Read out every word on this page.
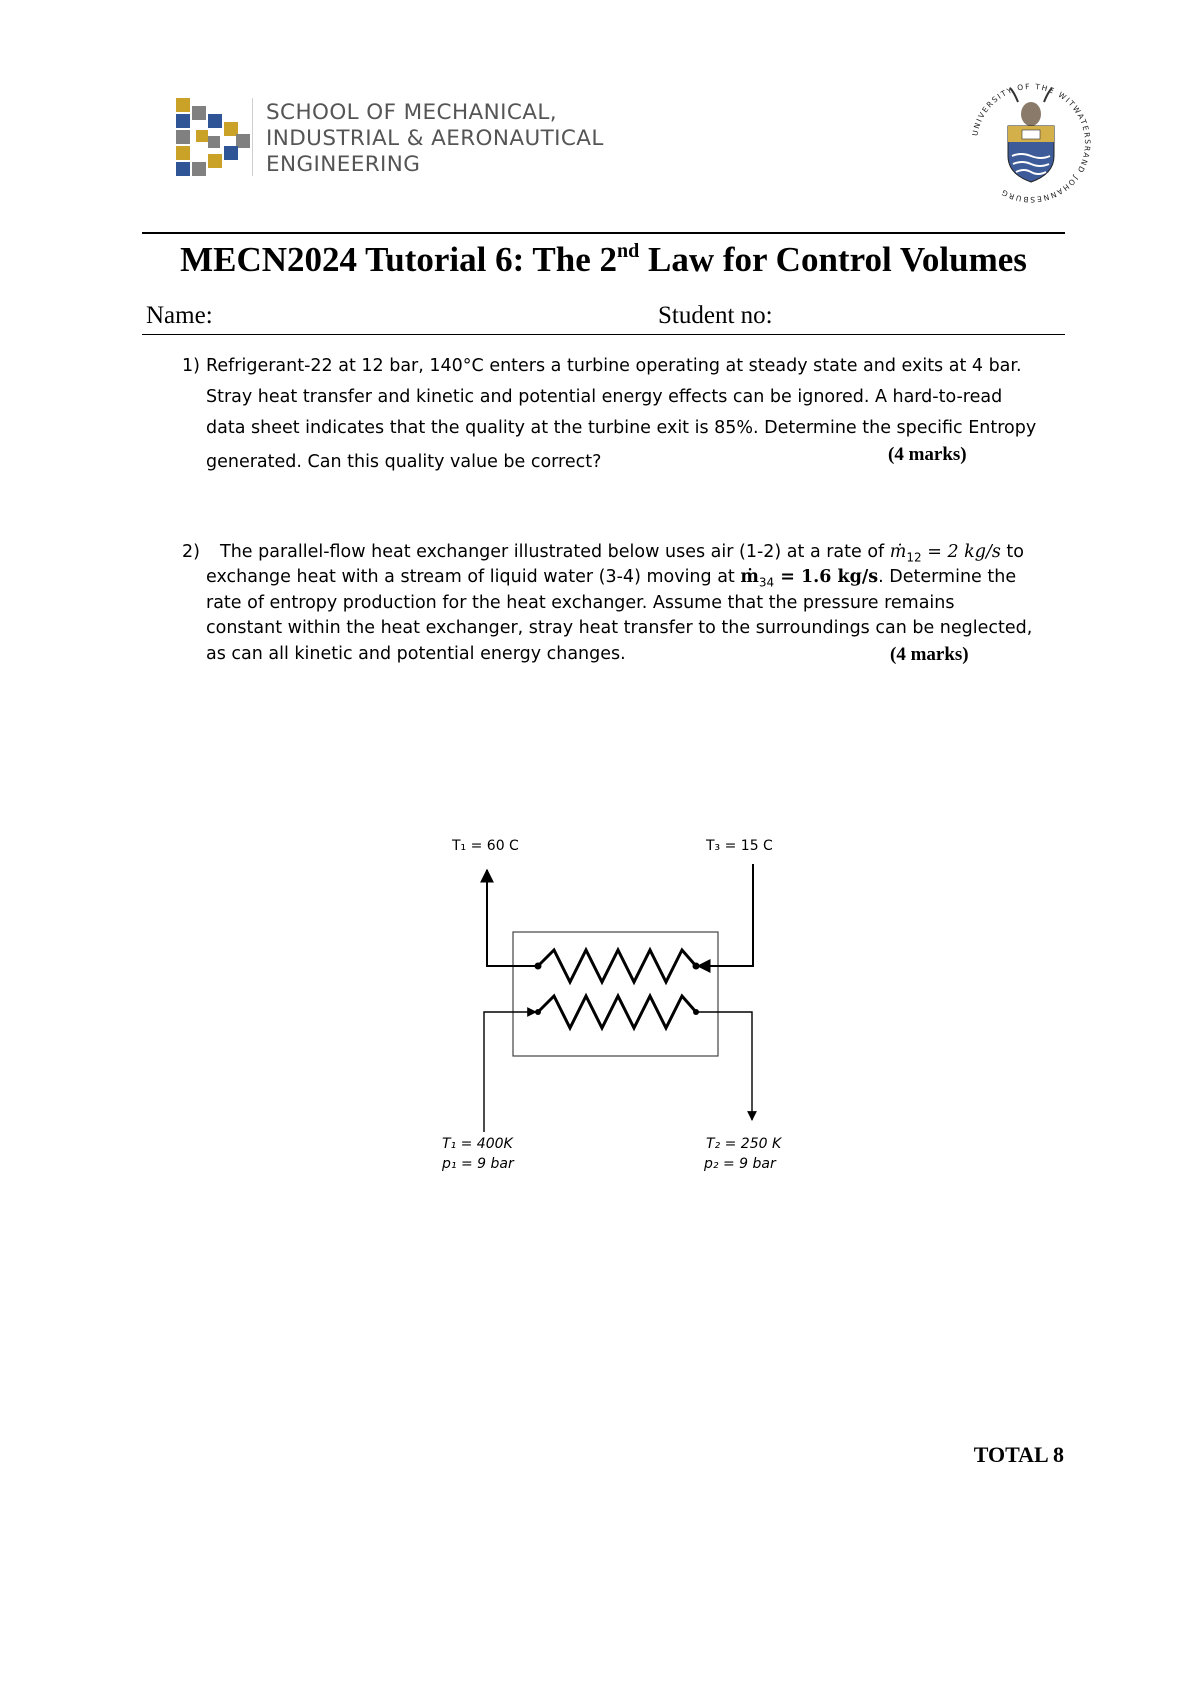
SCHOOL OF MECHANICAL,
INDUSTRIAL & AERONAUTICAL
ENGINEERING
UNIVERSITY OF THE WITWATERSRAND JOHANNESBURG
MECN2024 Tutorial 6: The 2nd Law for Control Volumes
Name:	Student no:
1) Refrigerant-22 at 12 bar, 140°C enters a turbine operating at steady state and exits at 4 bar.
Stray heat transfer and kinetic and potential energy effects can be ignored. A hard-to-read
data sheet indicates that the quality at the turbine exit is 85%. Determine the specific Entropy
generated. Can this quality value be correct?	(4 marks)
2) The parallel-flow heat exchanger illustrated below uses air (1-2) at a rate of ṁ$_{12}$ = 2 kg/s to
exchange heat with a stream of liquid water (3-4) moving at ṁ$_{34}$ = 1.6 kg/s. Determine the
rate of entropy production for the heat exchanger. Assume that the pressure remains
constant within the heat exchanger, stray heat transfer to the surroundings can be neglected,
as can all kinetic and potential energy changes.	(4 marks)
T₁ = 60 C	T₃ = 15 C
T₁ = 400K
p₁ = 9 bar
T₂ = 250 K
p₂ = 9 bar
TOTAL 8
